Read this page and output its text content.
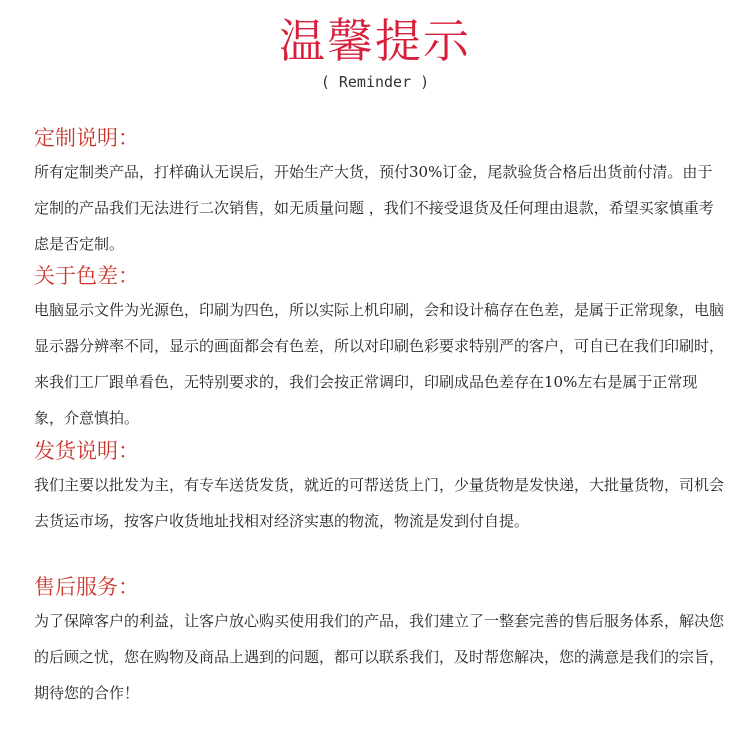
温馨提示
( Reminder )

定制说明：

所有定制类产品，打样确认无误后，开始生产大货，预付30%订金，尾款验货合格后出货前付清。由于定制的产品我们无法进行二次销售，如无质量问题 ，我们不接受退货及任何理由退款，希望买家慎重考虑是否定制。

关于色差：

电脑显示文件为光源色，印刷为四色，所以实际上机印刷，会和设计稿存在色差，是属于正常现象，电脑显示器分辨率不同，显示的画面都会有色差，所以对印刷色彩要求特别严的客户，可自已在我们印刷时，来我们工厂跟单看色，无特别要求的，我们会按正常调印，印刷成品色差存在10%左右是属于正常现象，介意慎拍。

发货说明：

我们主要以批发为主，有专车送货发货，就近的可帮送货上门，少量货物是发快递，大批量货物，司机会去货运市场，按客户收货地址找相对经济实惠的物流，物流是发到付自提。

售后服务：

为了保障客户的利益，让客户放心购买使用我们的产品，我们建立了一整套完善的售后服务体系，解决您的后顾之忧，您在购物及商品上遇到的问题，都可以联系我们，及时帮您解决，您的满意是我们的宗旨，期待您的合作！
